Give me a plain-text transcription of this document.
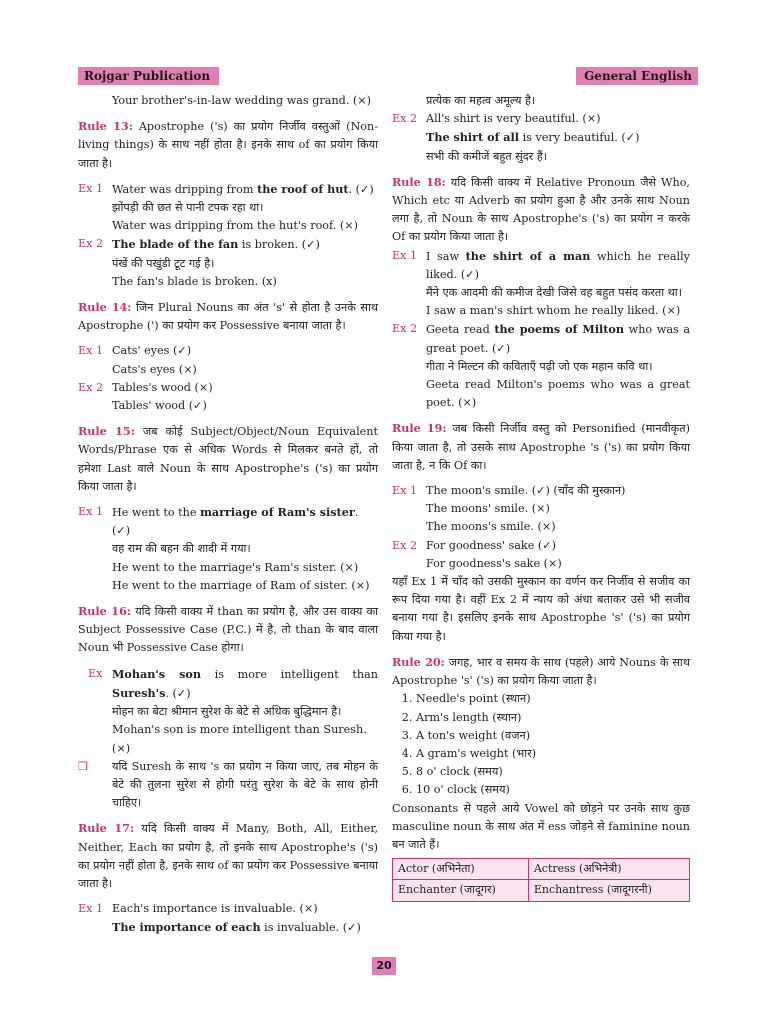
Rojgar Publication	General English

Your brother's-in-law wedding was grand. (×)

Rule 13: Apostrophe ('s) का प्रयोग निर्जीव वस्तुओं (Non-living things) के साथ नहीं होता है। इनके साथ of का प्रयोग किया जाता है।

Ex 1 Water was dripping from the roof of hut. (✓)

झोंपड़ी की छत से पानी टपक रहा था।

Water was dripping from the hut's roof. (×)

Ex 2 The blade of the fan is broken. (✓)

पंखें की पखुंडी टूट गई है।

The fan's blade is broken. (x)

Rule 14: जिन Plural Nouns का अंत 's' से होता है उनके साथ Apostrophe (') का प्रयोग कर Possessive बनाया जाता है।

Ex 1 Cats' eyes (✓)

Cats's eyes (×)

Ex 2 Tables's wood (×)

Tables' wood (✓)

Rule 15: जब कोई Subject/Object/Noun Equivalent Words/Phrase एक से अधिक Words से मिलकर बनते हों, तो हमेशा Last वाले Noun के साथ Apostrophe's ('s) का प्रयोग किया जाता है।

Ex 1 He went to the marriage of Ram's sister. (✓)

वह राम की बहन की शादी में गया।

He went to the marriage's Ram's sister. (×)

He went to the marriage of Ram of sister. (×)

Rule 16: यदि किसी वाक्य में than का प्रयोग है, और उस वाक्य का Subject Possessive Case (P.C.) में है, तो than के बाद वाला Noun भी Possessive Case होगा।

Ex Mohan's son is more intelligent than Suresh's. (✓)

मोहन का बेटा श्रीमान सुरेश के बेटे से अधिक बुद्धिमान है।

Mohan's son is more intelligent than Suresh. (×)

❒	यदि Suresh के साथ 's का प्रयोग न किया जाए, तब मोहन के बेटे की तुलना सुरेश से होगी परंतु सुरेश के बेटे के साथ होनी चाहिए।

Rule 17: यदि किसी वाक्य में Many, Both, All, Either, Neither, Each का प्रयोग है, तो इनके साथ Apostrophe's ('s) का प्रयोग नहीं होता है, इनके साथ of का प्रयोग कर Possessive बनाया जाता है।

Ex 1 Each's importance is invaluable. (×)

The importance of each is invaluable. (✓)

प्रत्येक का महत्व अमूल्य है।

Ex 2 All's shirt is very beautiful. (×)

The shirt of all is very beautiful. (✓)

सभी की कमीजें बहुत सुंदर हैं।

Rule 18: यदि किसी वाक्य में Relative Pronoun जैसे Who, Which etc या Adverb का प्रयोग हुआ है और उनके साथ Noun लगा है, तो Noun के साथ Apostrophe's ('s) का प्रयोग न करके Of का प्रयोग किया जाता है।

Ex 1 I saw the shirt of a man which he really liked. (✓)

मैंने एक आदमी की कमीज देखी जिसे वह बहुत पसंद करता था।

I saw a man's shirt whom he really liked. (×)

Ex 2 Geeta read the poems of Milton who was a great poet. (✓)

गीता ने मिल्टन की कविताएँ पढ़ी जो एक महान कवि था।

Geeta read Milton's poems who was a great poet. (×)

Rule 19: जब किसी निर्जीव वस्तु को Personified (मानवीकृत) किया जाता है, तो उसके साथ Apostrophe 's ('s) का प्रयोग किया जाता है, न कि Of का।

Ex 1 The moon's smile. (✓) (चाँद की मुस्कान)

The moons' smile. (×)

The moons's smile. (×)

Ex 2 For goodness' sake (✓)

For goodness's sake (×)

यहाँ Ex 1 में चाँद को उसकी मुस्कान का वर्णन कर निर्जीव से सजीव का रूप दिया गया है। वहीं Ex 2 में न्याय को अंधा बताकर उसे भी सजीव बनाया गया है। इसलिए इनके साथ Apostrophe 's' ('s) का प्रयोग किया गया है।

Rule 20: जगह, भार व समय के साथ (पहले) आये Nouns के साथ Apostrophe 's' ('s) का प्रयोग किया जाता है।

1. Needle's point (स्थान)
2. Arm's length (स्थान)
3. A ton's weight (वजन)
4. A gram's weight (भार)
5. 8 o' clock (समय)
6. 10 o' clock (समय)

Consonants से पहले आये Vowel को छोड़ने पर उनके साथ कुछ masculine noun के साथ अंत में ess जोड़ने से faminine noun बन जाते हैं।

Actor (अभिनेता)	Actress (अभिनेत्री)
Enchanter (जादूगर)	Enchantress (जादूगरनी)
20
